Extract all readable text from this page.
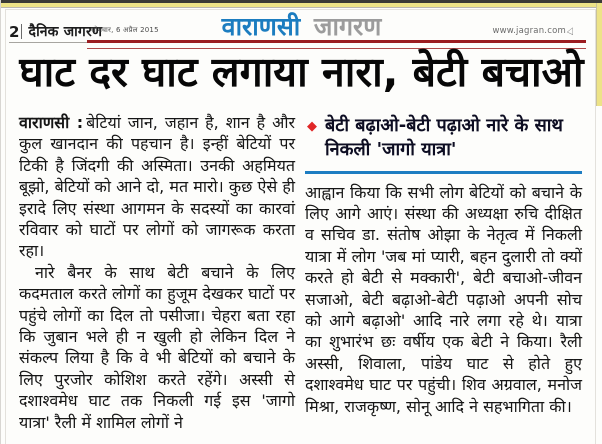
2 दैनिक जागरण
सोमवार, 6 अप्रैल 2015	वाराणसी जागरण	www.jagran.com ▷
घाट दर घाट लगाया नारा, बेटी बचाओ

वाराणसी : बेटियां जान, जहान है, शान है और कुल खानदान की पहचान है। इन्हीं बेटियों पर टिकी है जिंदगी की अस्मिता। उनकी अहमियत बूझो, बेटियों को आने दो, मत मारो। कुछ ऐसे ही इरादे लिए संस्था आगमन के सदस्यों का कारवां रविवार को घाटों पर लोगों को जागरूक करता रहा।

नारे बैनर के साथ बेटी बचाने के लिए कदमताल करते लोगों का हुजूम देखकर घाटों पर पहुंचे लोगों का दिल तो पसीजा। चेहरा बता रहा कि जुबान भले ही न खुली हो लेकिन दिल ने संकल्प लिया है कि वे भी बेटियों को बचाने के लिए पुरजोर कोशिश करते रहेंगे। अस्सी से दशाश्वमेध घाट तक निकली गई इस 'जागो यात्रा' रैली में शामिल लोगों ने

◆ बेटी बढ़ाओ-बेटी पढ़ाओ नारे के साथ निकली 'जागो यात्रा'

आह्वान किया कि सभी लोग बेटियों को बचाने के लिए आगे आएं। संस्था की अध्यक्षा रुचि दीक्षित व सचिव डा. संतोष ओझा के नेतृत्व में निकली यात्रा में लोग 'जब मां प्यारी, बहन दुलारी तो क्यों करते हो बेटी से मक्कारी', बेटी बचाओ-जीवन सजाओ, बेटी बढ़ाओ-बेटी पढ़ाओ अपनी सोच को आगे बढ़ाओ' आदि नारे लगा रहे थे। यात्रा का शुभारंभ छः वर्षीय एक बेटी ने किया। रैली अस्सी, शिवाला, पांडेय घाट से होते हुए दशाश्वमेध घाट पर पहुंची। शिव अग्रवाल, मनोज मिश्रा, राजकृष्ण, सोनू आदि ने सहभागिता की।
